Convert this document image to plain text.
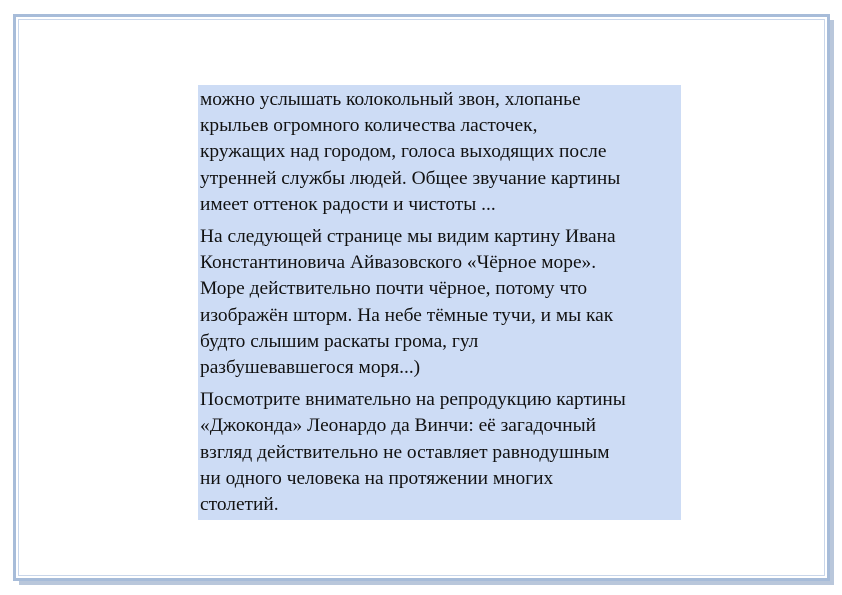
можно услышать колокольный звон, хлопанье
крыльев огромного количества ласточек,
кружащих над городом, голоса выходящих после
утренней службы людей. Общее звучание картины
имеет оттенок радости и чистоты ...

На следующей странице мы видим картину Ивана
Константиновича Айвазовского «Чёрное море».
Море действительно почти чёрное, потому что
изображён шторм. На небе тёмные тучи, и мы как
будто слышим раскаты грома, гул
разбушевавшегося моря...)

Посмотрите внимательно на репродукцию картины
«Джоконда» Леонардо да Винчи: её загадочный
взгляд действительно не оставляет равнодушным
ни одного человека на протяжении многих
столетий.
